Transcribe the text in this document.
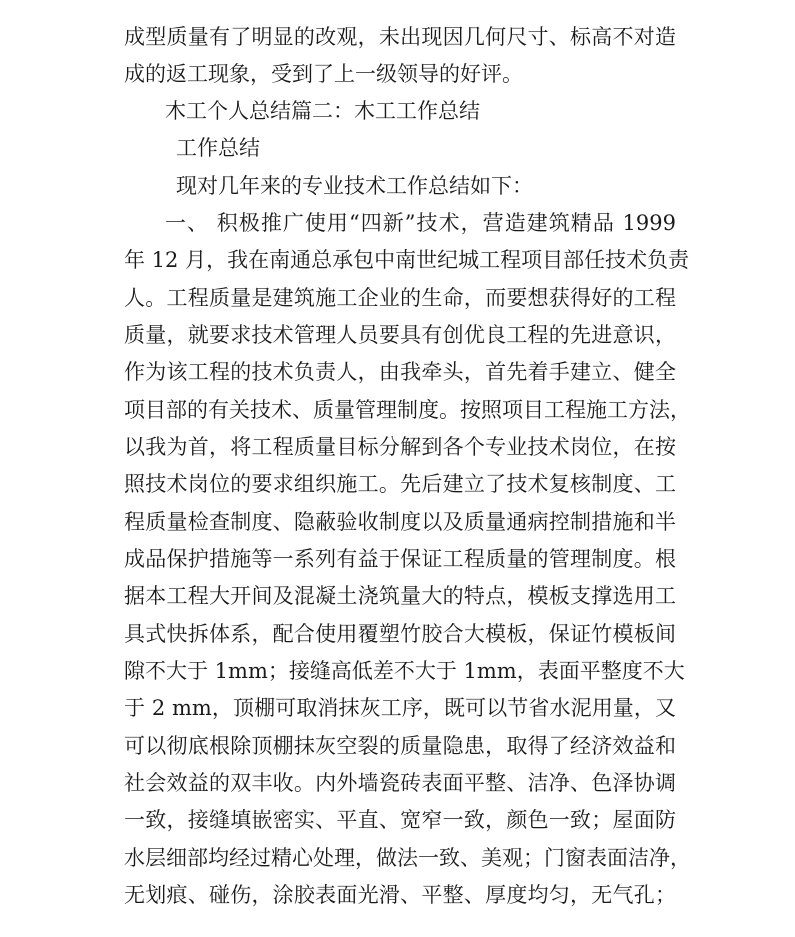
成型质量有了明显的改观，未出现因几何尺寸、标高不对造
成的返工现象，受到了上一级领导的好评。
木工个人总结篇二：木工工作总结
工作总结
现对几年来的专业技术工作总结如下：
一、 积极推广使用“四新”技术，营造建筑精品 1999
年 12 月，我在南通总承包中南世纪城工程项目部任技术负责
人。工程质量是建筑施工企业的生命，而要想获得好的工程
质量，就要求技术管理人员要具有创优良工程的先进意识，
作为该工程的技术负责人，由我牵头，首先着手建立、健全
项目部的有关技术、质量管理制度。按照项目工程施工方法，
以我为首，将工程质量目标分解到各个专业技术岗位，在按
照技术岗位的要求组织施工。先后建立了技术复核制度、工
程质量检查制度、隐蔽验收制度以及质量通病控制措施和半
成品保护措施等一系列有益于保证工程质量的管理制度。根
据本工程大开间及混凝土浇筑量大的特点，模板支撑选用工
具式快拆体系，配合使用覆塑竹胶合大模板，保证竹模板间
隙不大于 1mm；接缝高低差不大于 1mm，表面平整度不大
于 2 mm，顶棚可取消抹灰工序，既可以节省水泥用量，又
可以彻底根除顶棚抹灰空裂的质量隐患，取得了经济效益和
社会效益的双丰收。内外墙瓷砖表面平整、洁净、色泽协调
一致，接缝填嵌密实、平直、宽窄一致，颜色一致；屋面防
水层细部均经过精心处理，做法一致、美观；门窗表面洁净，
无划痕、碰伤，涂胶表面光滑、平整、厚度均匀，无气孔；
